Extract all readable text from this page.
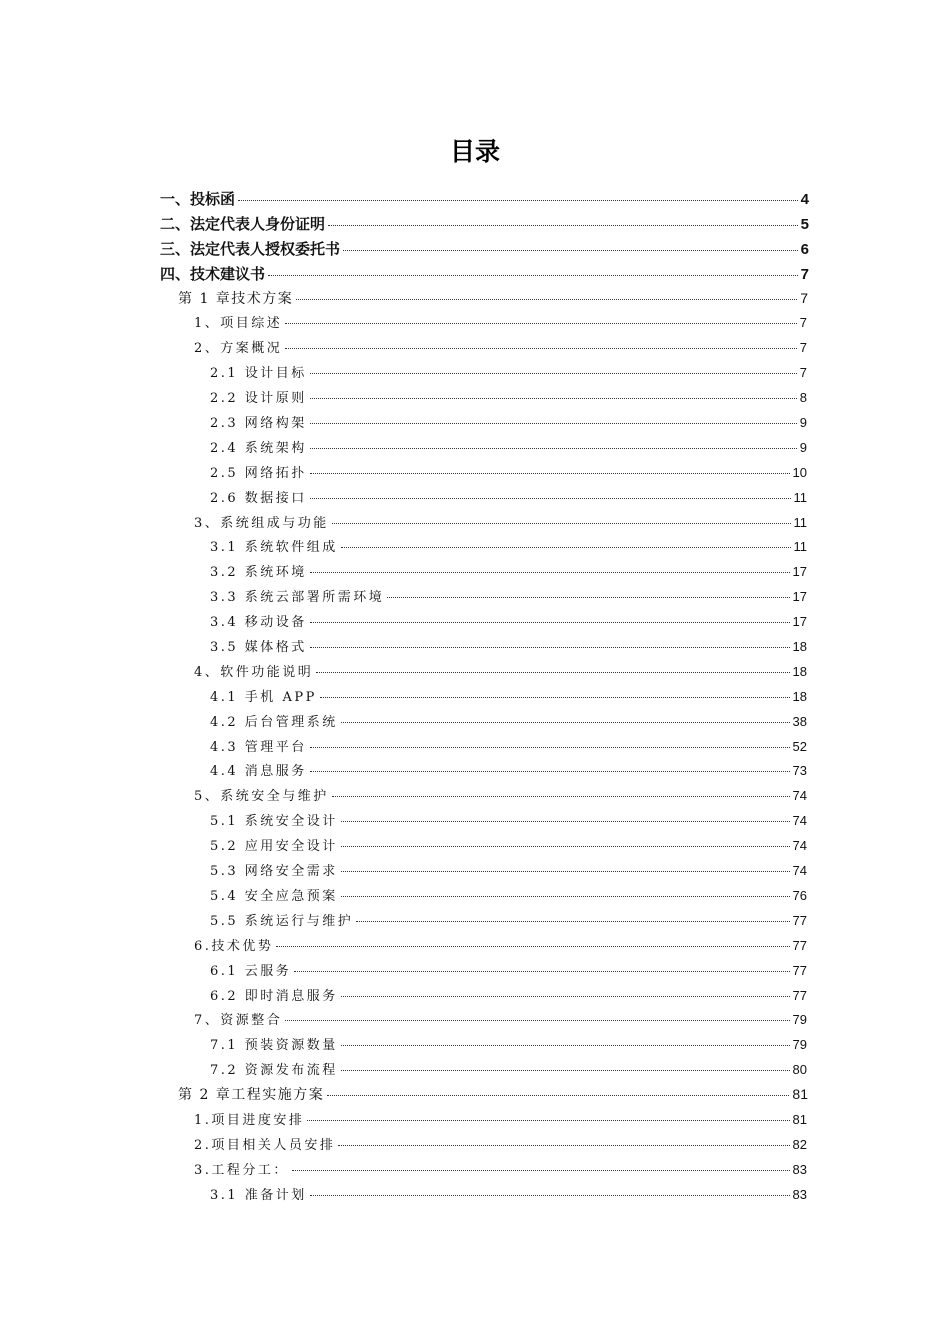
目录
一、投标函	4
二、法定代表人身份证明	5
三、法定代表人授权委托书	6
四、技术建议书	7
第 1 章技术方案	7
1、项目综述	7
2、方案概况	7
2.1 设计目标	7
2.2 设计原则	8
2.3 网络构架	9
2.4 系统架构	9
2.5 网络拓扑	10
2.6 数据接口	11
3、系统组成与功能	11
3.1 系统软件组成	11
3.2 系统环境	17
3.3 系统云部署所需环境	17
3.4 移动设备	17
3.5 媒体格式	18
4、软件功能说明	18
4.1 手机 APP	18
4.2 后台管理系统	38
4.3 管理平台	52
4.4 消息服务	73
5、系统安全与维护	74
5.1 系统安全设计	74
5.2 应用安全设计	74
5.3 网络安全需求	74
5.4 安全应急预案	76
5.5 系统运行与维护	77
6.技术优势	77
6.1 云服务	77
6.2 即时消息服务	77
7、资源整合	79
7.1 预装资源数量	79
7.2 资源发布流程	80
第 2 章工程实施方案	81
1.项目进度安排	81
2.项目相关人员安排	82
3.工程分工：	83
3.1 准备计划	83
